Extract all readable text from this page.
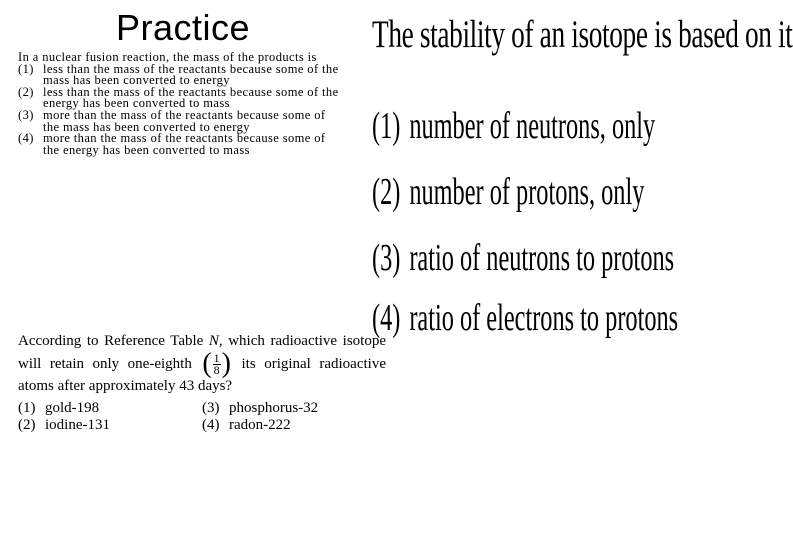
Practice
In a nuclear fusion reaction, the mass of the products is
(1) less than the mass of the reactants because some of the mass has been converted to energy
(2) less than the mass of the reactants because some of the energy has been converted to mass
(3) more than the mass of the reactants because some of the mass has been converted to energy
(4) more than the mass of the reactants because some of the energy has been converted to mass
The stability of an isotope is based on it
(1) number of neutrons, only
(2) number of protons, only
(3) ratio of neutrons to protons
(4) ratio of electrons to protons
According to Reference Table N, which radioactive isotope will retain only one-eighth ( $\frac{1}{8}$ ) its original radioactive atoms after approximately 43 days?
(1) gold-198	(3) phosphorus-32
(2) iodine-131	(4) radon-222
